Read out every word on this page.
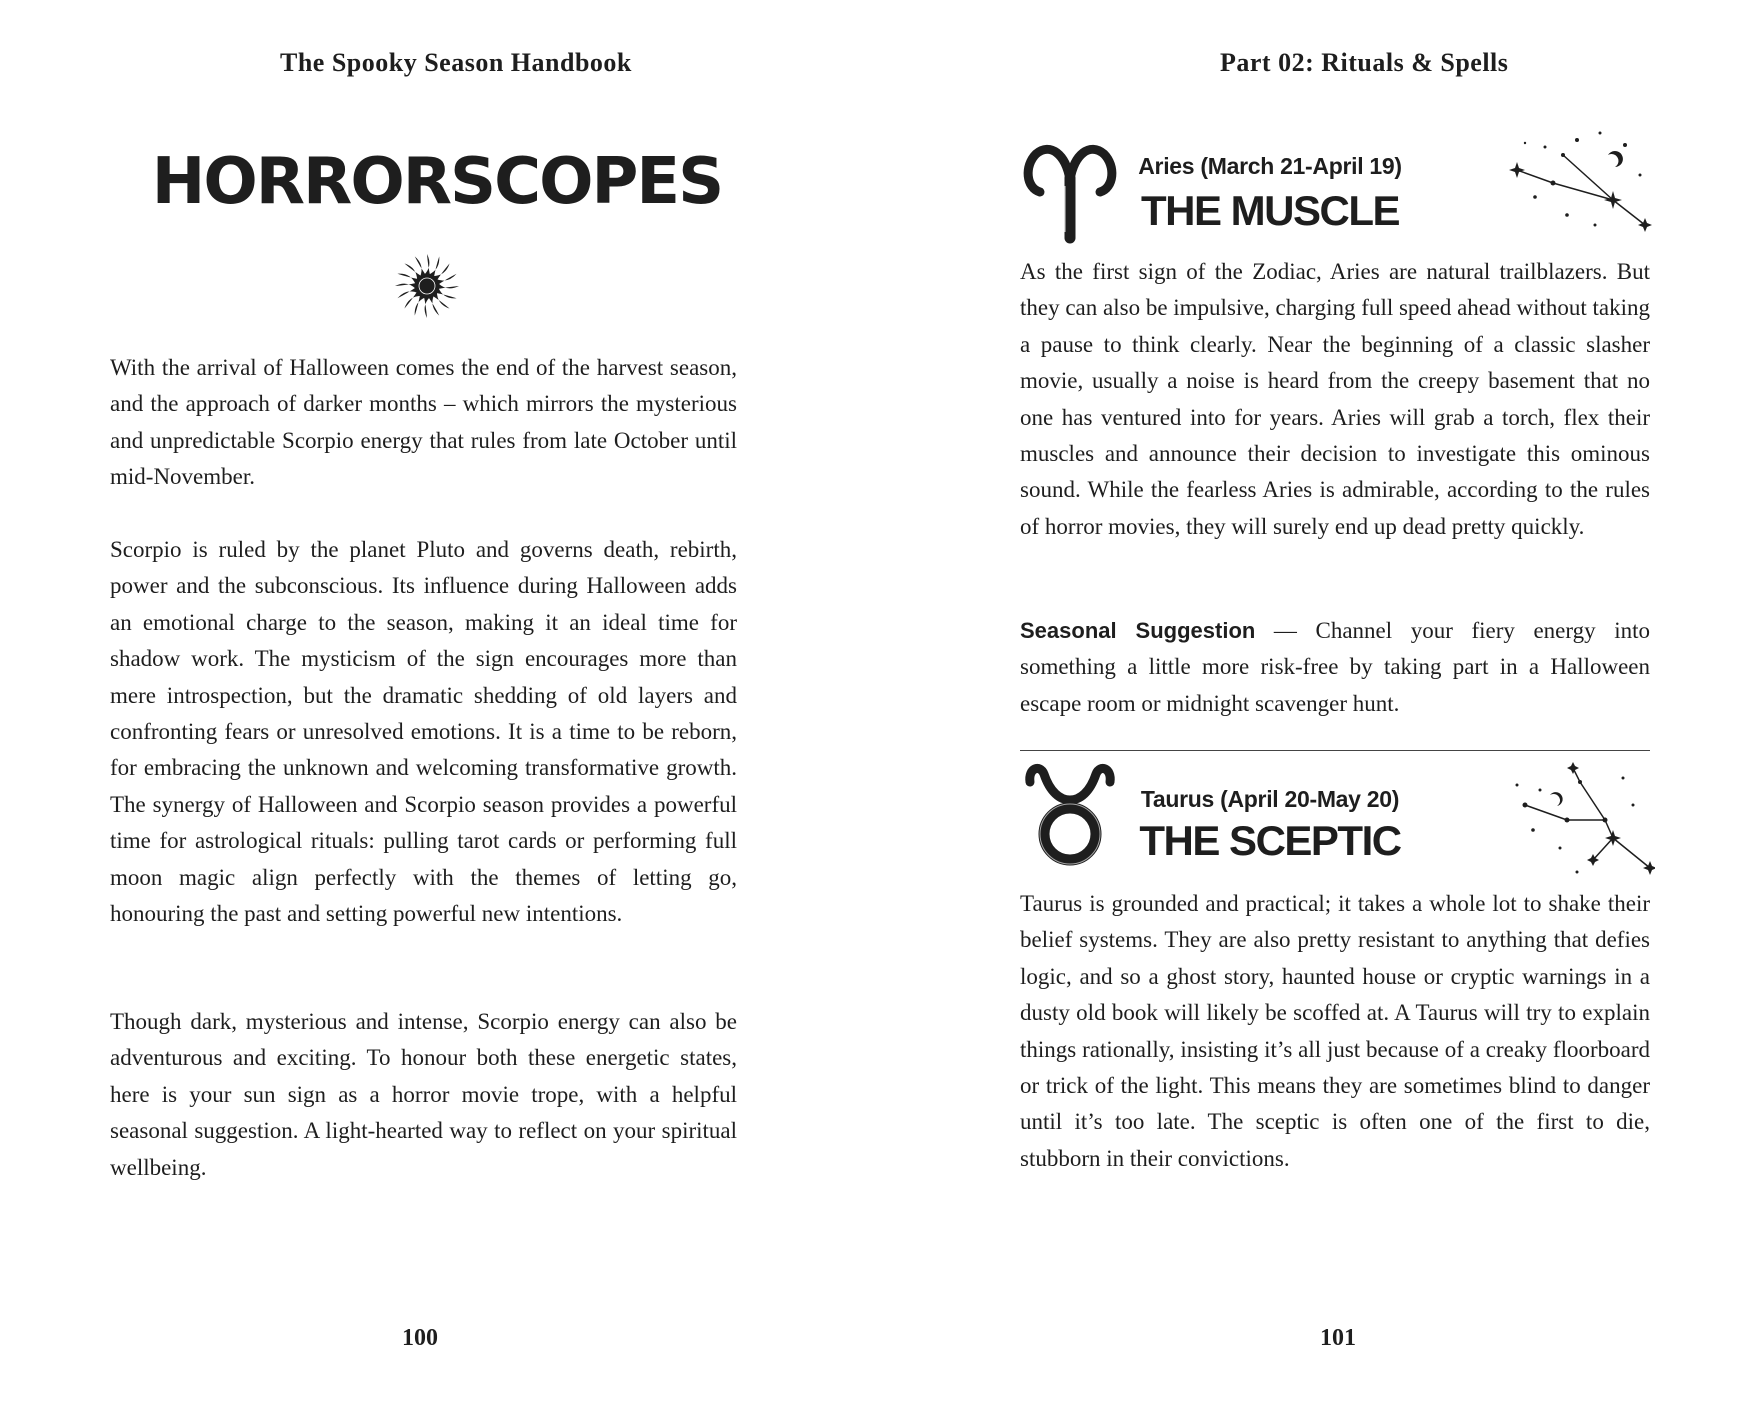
The Spooky Season Handbook
HORRORSCOPES

With the arrival of Halloween comes the end of the harvest season, and the approach of darker months – which mirrors the mysterious and unpredictable Scorpio energy that rules from late October until mid-November.

Scorpio is ruled by the planet Pluto and governs death, rebirth, power and the subconscious. Its influence during Halloween adds an emotional charge to the season, making it an ideal time for shadow work. The mysticism of the sign encourages more than mere introspection, but the dramatic shedding of old layers and confronting fears or unresolved emotions. It is a time to be reborn, for embracing the unknown and welcoming transformative growth. The synergy of Halloween and Scorpio season provides a powerful time for astrological rituals: pulling tarot cards or performing full moon magic align perfectly with the themes of letting go, honouring the past and setting powerful new intentions.

Though dark, mysterious and intense, Scorpio energy can also be adventurous and exciting. To honour both these energetic states, here is your sun sign as a horror movie trope, with a helpful seasonal suggestion. A light-hearted way to reflect on your spiritual wellbeing.

100
Part 02: Rituals & Spells
Aries (March 21-April 19)
THE MUSCLE

As the first sign of the Zodiac, Aries are natural trailblazers. But they can also be impulsive, charging full speed ahead without taking a pause to think clearly. Near the beginning of a classic slasher movie, usually a noise is heard from the creepy basement that no one has ventured into for years. Aries will grab a torch, flex their muscles and announce their decision to investigate this ominous sound. While the fearless Aries is admirable, according to the rules of horror movies, they will surely end up dead pretty quickly.

Seasonal Suggestion — Channel your fiery energy into something a little more risk-free by taking part in a Halloween escape room or midnight scavenger hunt.

Taurus (April 20-May 20)
THE SCEPTIC

Taurus is grounded and practical; it takes a whole lot to shake their belief systems. They are also pretty resistant to anything that defies logic, and so a ghost story, haunted house or cryptic warnings in a dusty old book will likely be scoffed at. A Taurus will try to explain things rationally, insisting it’s all just because of a creaky floorboard or trick of the light. This means they are sometimes blind to danger until it’s too late. The sceptic is often one of the first to die, stubborn in their convictions.

101
